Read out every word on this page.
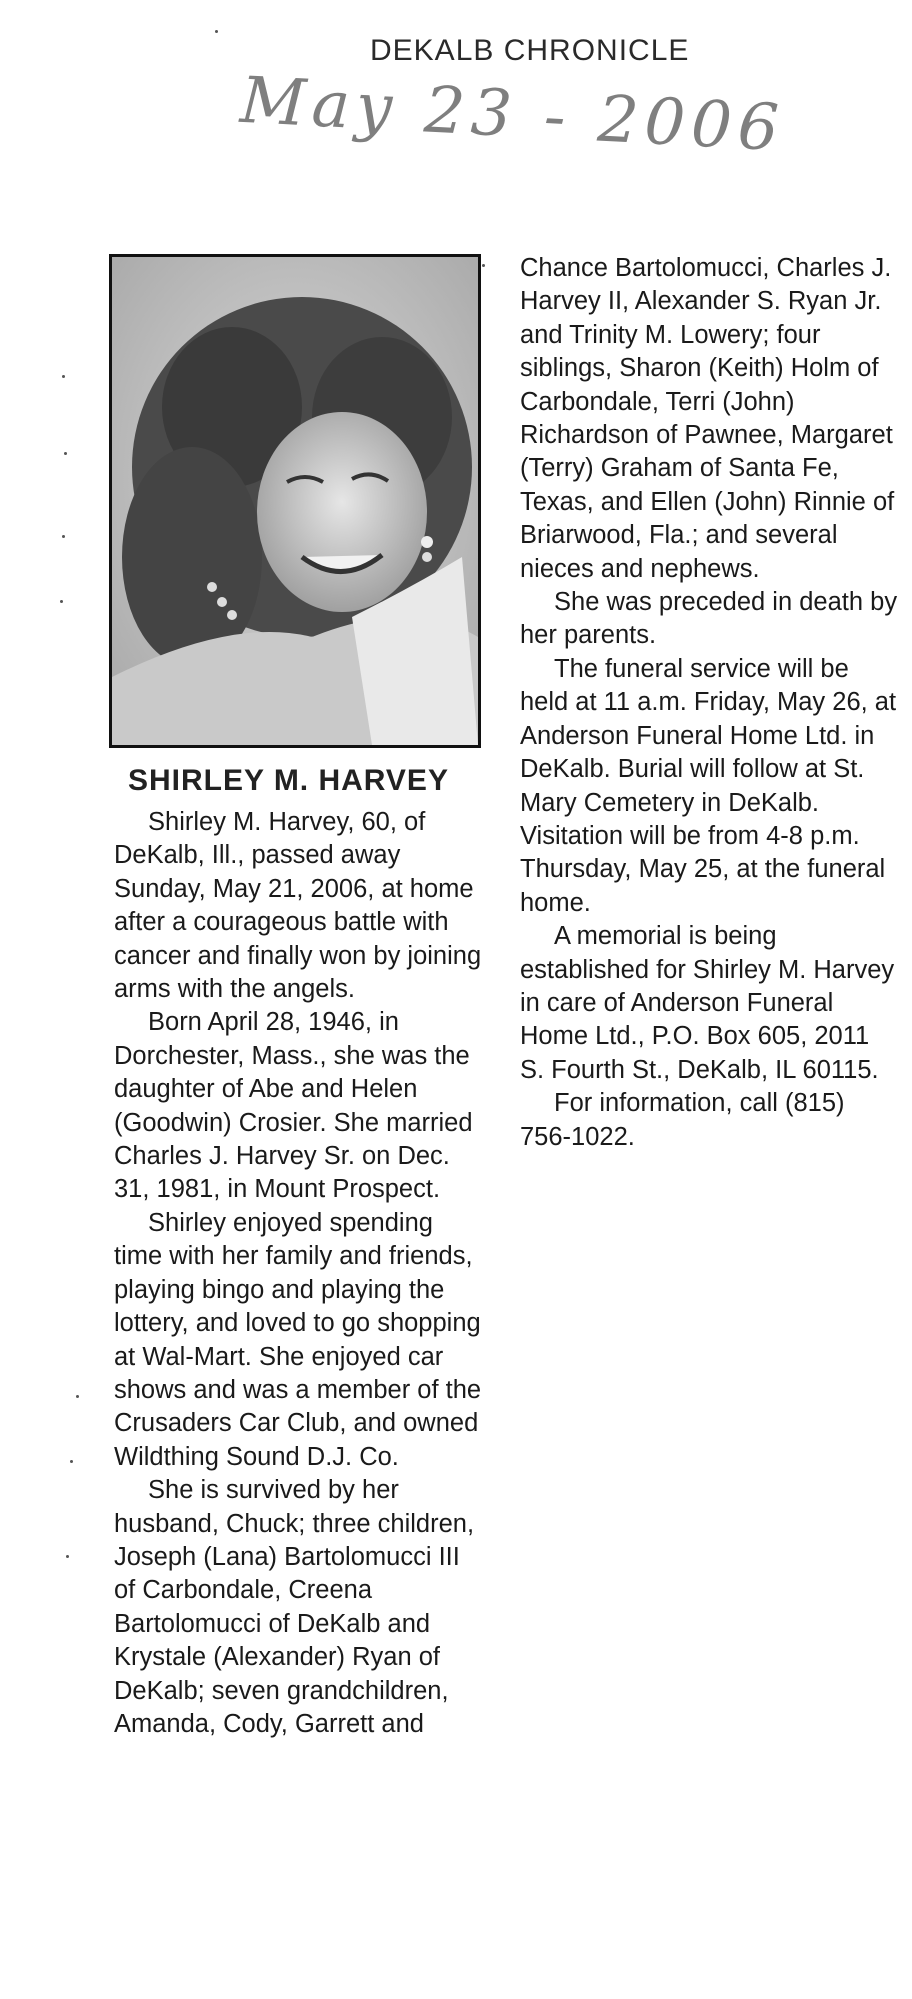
DEKALB CHRONICLE
May 23 - 2006
SHIRLEY M. HARVEY

Shirley M. Harvey, 60, of DeKalb, Ill., passed away Sunday, May 21, 2006, at home after a courageous battle with cancer and finally won by joining arms with the angels.

Born April 28, 1946, in Dorchester, Mass., she was the daughter of Abe and Helen (Goodwin) Crosier. She married Charles J. Harvey Sr. on Dec. 31, 1981, in Mount Prospect.

Shirley enjoyed spending time with her family and friends, playing bingo and playing the lottery, and loved to go shopping at Wal-Mart. She enjoyed car shows and was a member of the Crusaders Car Club, and owned Wildthing Sound D.J. Co.

She is survived by her husband, Chuck; three children, Joseph (Lana) Bartolomucci III of Carbondale, Creena Bartolomucci of DeKalb and Krystale (Alexander) Ryan of DeKalb; seven grandchildren, Amanda, Cody, Garrett and

Chance Bartolomucci, Charles J. Harvey II, Alexander S. Ryan Jr. and Trinity M. Lowery; four siblings, Sharon (Keith) Holm of Carbondale, Terri (John) Richardson of Pawnee, Margaret (Terry) Graham of Santa Fe, Texas, and Ellen (John) Rinnie of Briarwood, Fla.; and several nieces and nephews.

She was preceded in death by her parents.

The funeral service will be held at 11 a.m. Friday, May 26, at Anderson Funeral Home Ltd. in DeKalb. Burial will follow at St. Mary Cemetery in DeKalb. Visitation will be from 4-8 p.m. Thursday, May 25, at the funeral home.

A memorial is being established for Shirley M. Harvey in care of Anderson Funeral Home Ltd., P.O. Box 605, 2011 S. Fourth St., DeKalb, IL 60115.

For information, call (815) 756-1022.
